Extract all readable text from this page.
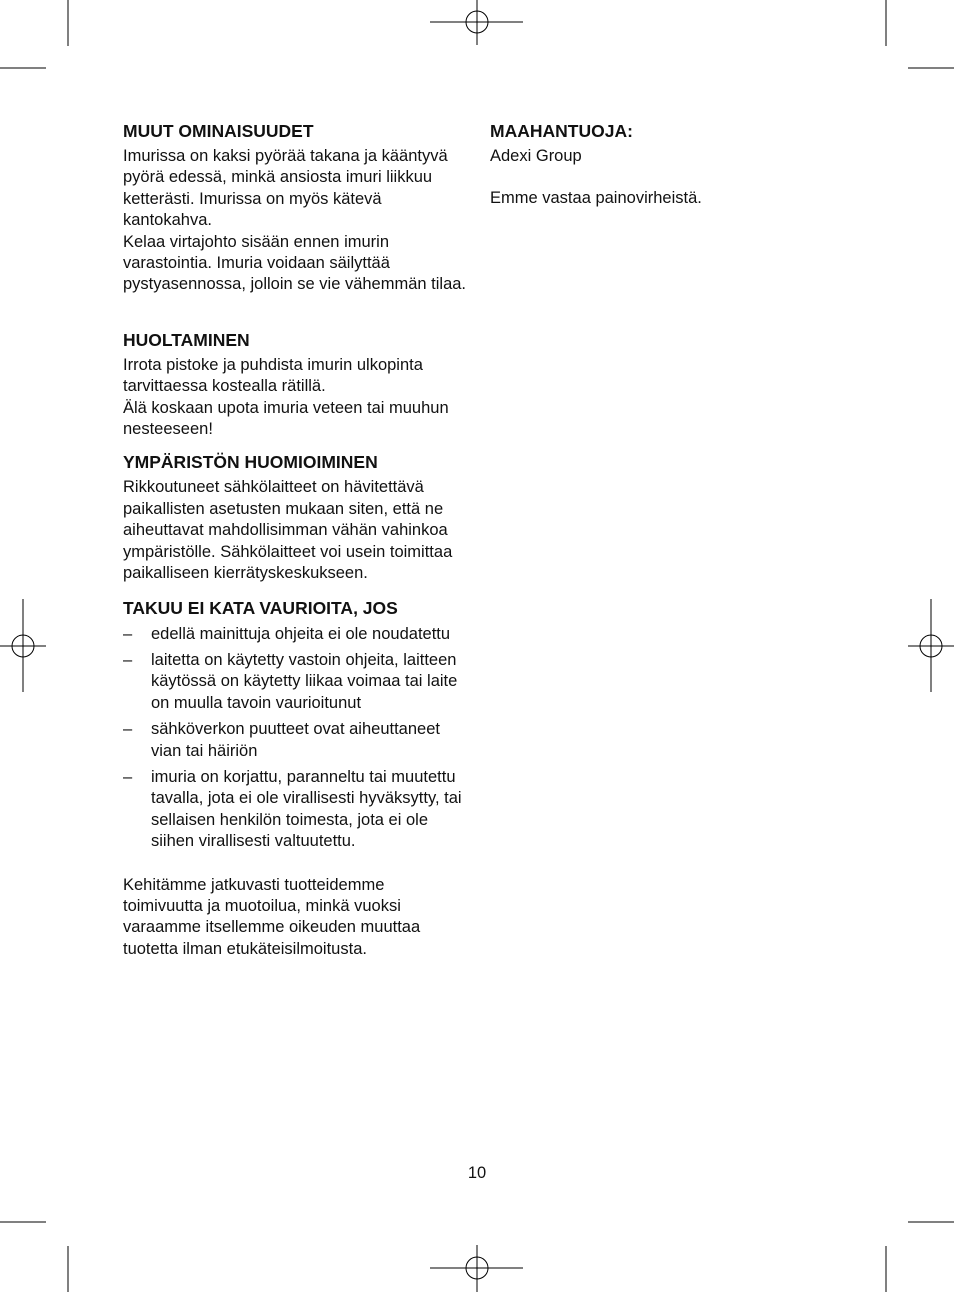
MUUT OMINAISUUDET

Imurissa on kaksi pyörää takana ja kääntyvä pyörä edessä, minkä ansiosta imuri liikkuu ketterästi. Imurissa on myös kätevä kantokahva.

Kelaa virtajohto sisään ennen imurin varastointia. Imuria voidaan säilyttää pystyasennossa, jolloin se vie vähemmän tilaa.

HUOLTAMINEN

Irrota pistoke ja puhdista imurin ulkopinta tarvittaessa kostealla rätillä.

Älä koskaan upota imuria veteen tai muuhun nesteeseen!

YMPÄRISTÖN HUOMIOIMINEN

Rikkoutuneet sähkölaitteet on hävitettävä paikallisten asetusten mukaan siten, että ne aiheuttavat mahdollisimman vähän vahinkoa ympäristölle. Sähkölaitteet voi usein toimittaa paikalliseen kierrätyskeskukseen.

TAKUU EI KATA VAURIOITA, JOS
– edellä mainittuja ohjeita ei ole noudatettu
– laitetta on käytetty vastoin ohjeita, laitteen käytössä on käytetty liikaa voimaa tai laite on muulla tavoin vaurioitunut
– sähköverkon puutteet ovat aiheuttaneet vian tai häiriön
– imuria on korjattu, paranneltu tai muutettu tavalla, jota ei ole virallisesti hyväksytty, tai sellaisen henkilön toimesta, jota ei ole siihen virallisesti valtuutettu.

Kehitämme jatkuvasti tuotteidemme toimivuutta ja muotoilua, minkä vuoksi varaamme itsellemme oikeuden muuttaa tuotetta ilman etukäteisilmoitusta.

MAAHANTUOJA:

Adexi Group

Emme vastaa painovirheistä.

10
